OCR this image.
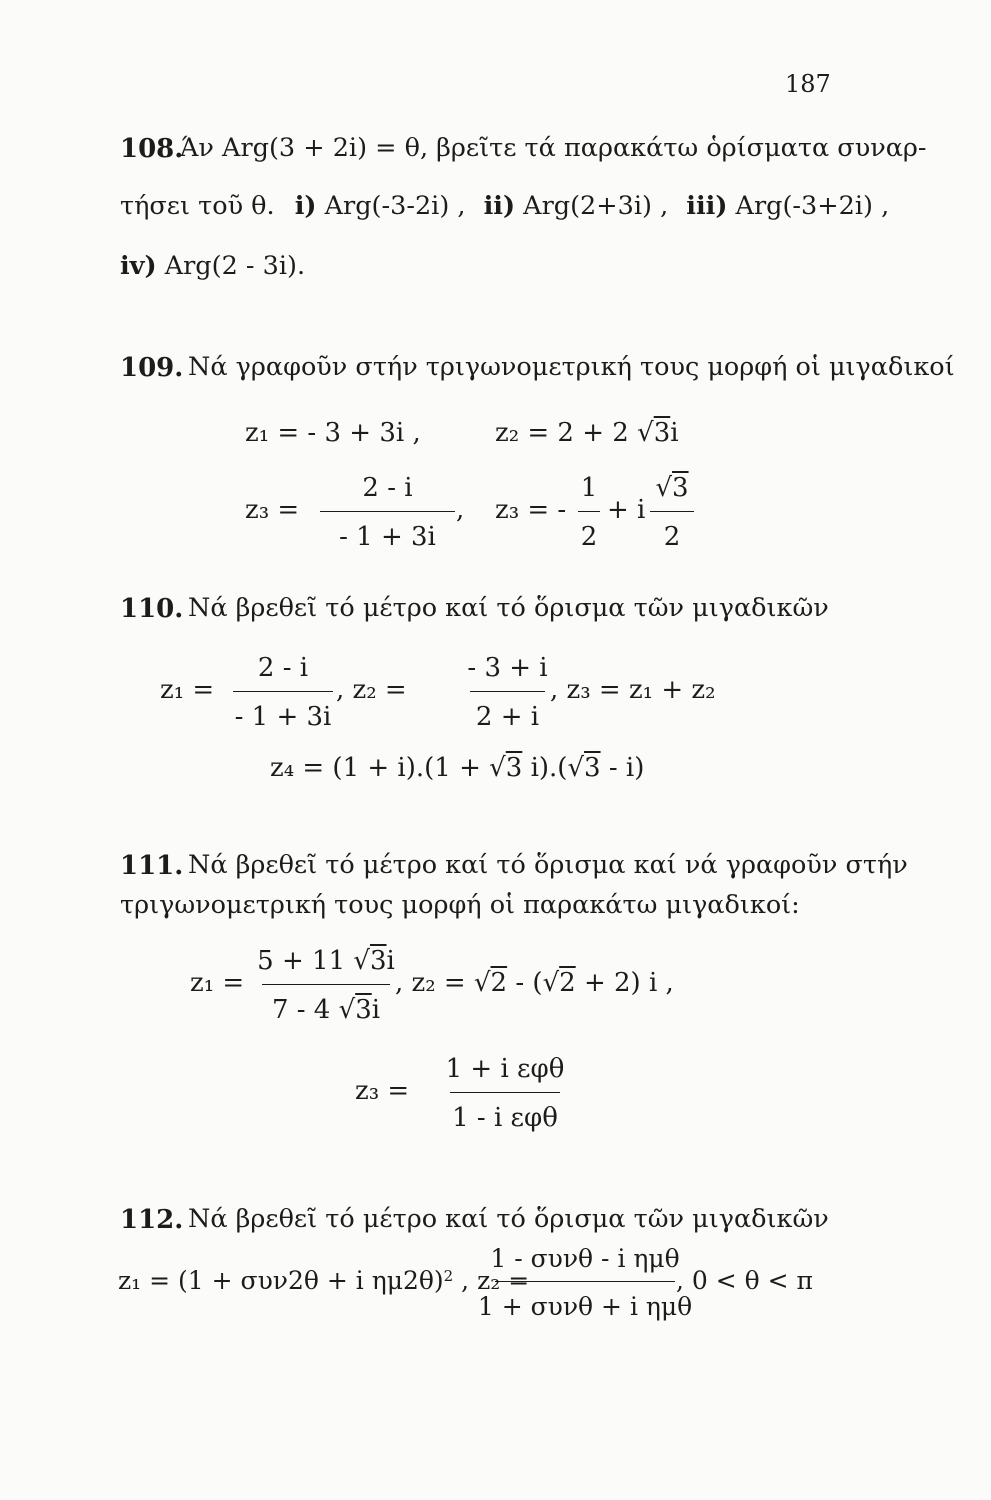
187
108.
Άν Arg(3 + 2i) = θ, βρεῖτε τά παρακάτω ὁρίσματα συναρ-
τήσει τοῦ θ. i) Arg(-3-2i) , ii) Arg(2+3i) , iii) Arg(-3+2i) ,
iv) Arg(2 - 3i).
109. Νά γραφοῦν στήν τριγωνομετρική τους μορφή οἱ μιγαδικοί
z₁ = - 3 + 3i ,	z₂ = 2 + 2 √3i
z₃ =
2 - i
- 1 + 3i
, z₃ = -
1
2
+ i
√3
2
110. Νά βρεθεῖ τό μέτρο καί τό ὅρισμα τῶν μιγαδικῶν
z₁ =
2 - i
- 1 + 3i
, z₂ =
- 3 + i
2 + i
, z₃ = z₁ + z₂
z₄ = (1 + i).(1 + √3 i).(√3 - i)
111. Νά βρεθεῖ τό μέτρο καί τό ὅρισμα καί νά γραφοῦν στήν
τριγωνομετρική τους μορφή οἱ παρακάτω μιγαδικοί:
z₁ =
5 + 11 √3i
7 - 4 √3i
, z₂ = √2 - (√2 + 2) i ,
z₃ =
1 + i εφθ
1 - i εφθ
112. Νά βρεθεῖ τό μέτρο καί τό ὅρισμα τῶν μιγαδικῶν
z₁ = (1 + συν2θ + i ημ2θ)$^2$ , z₂ =
1 - συνθ - i ημθ
1 + συνθ + i ημθ
, 0 < θ < π
